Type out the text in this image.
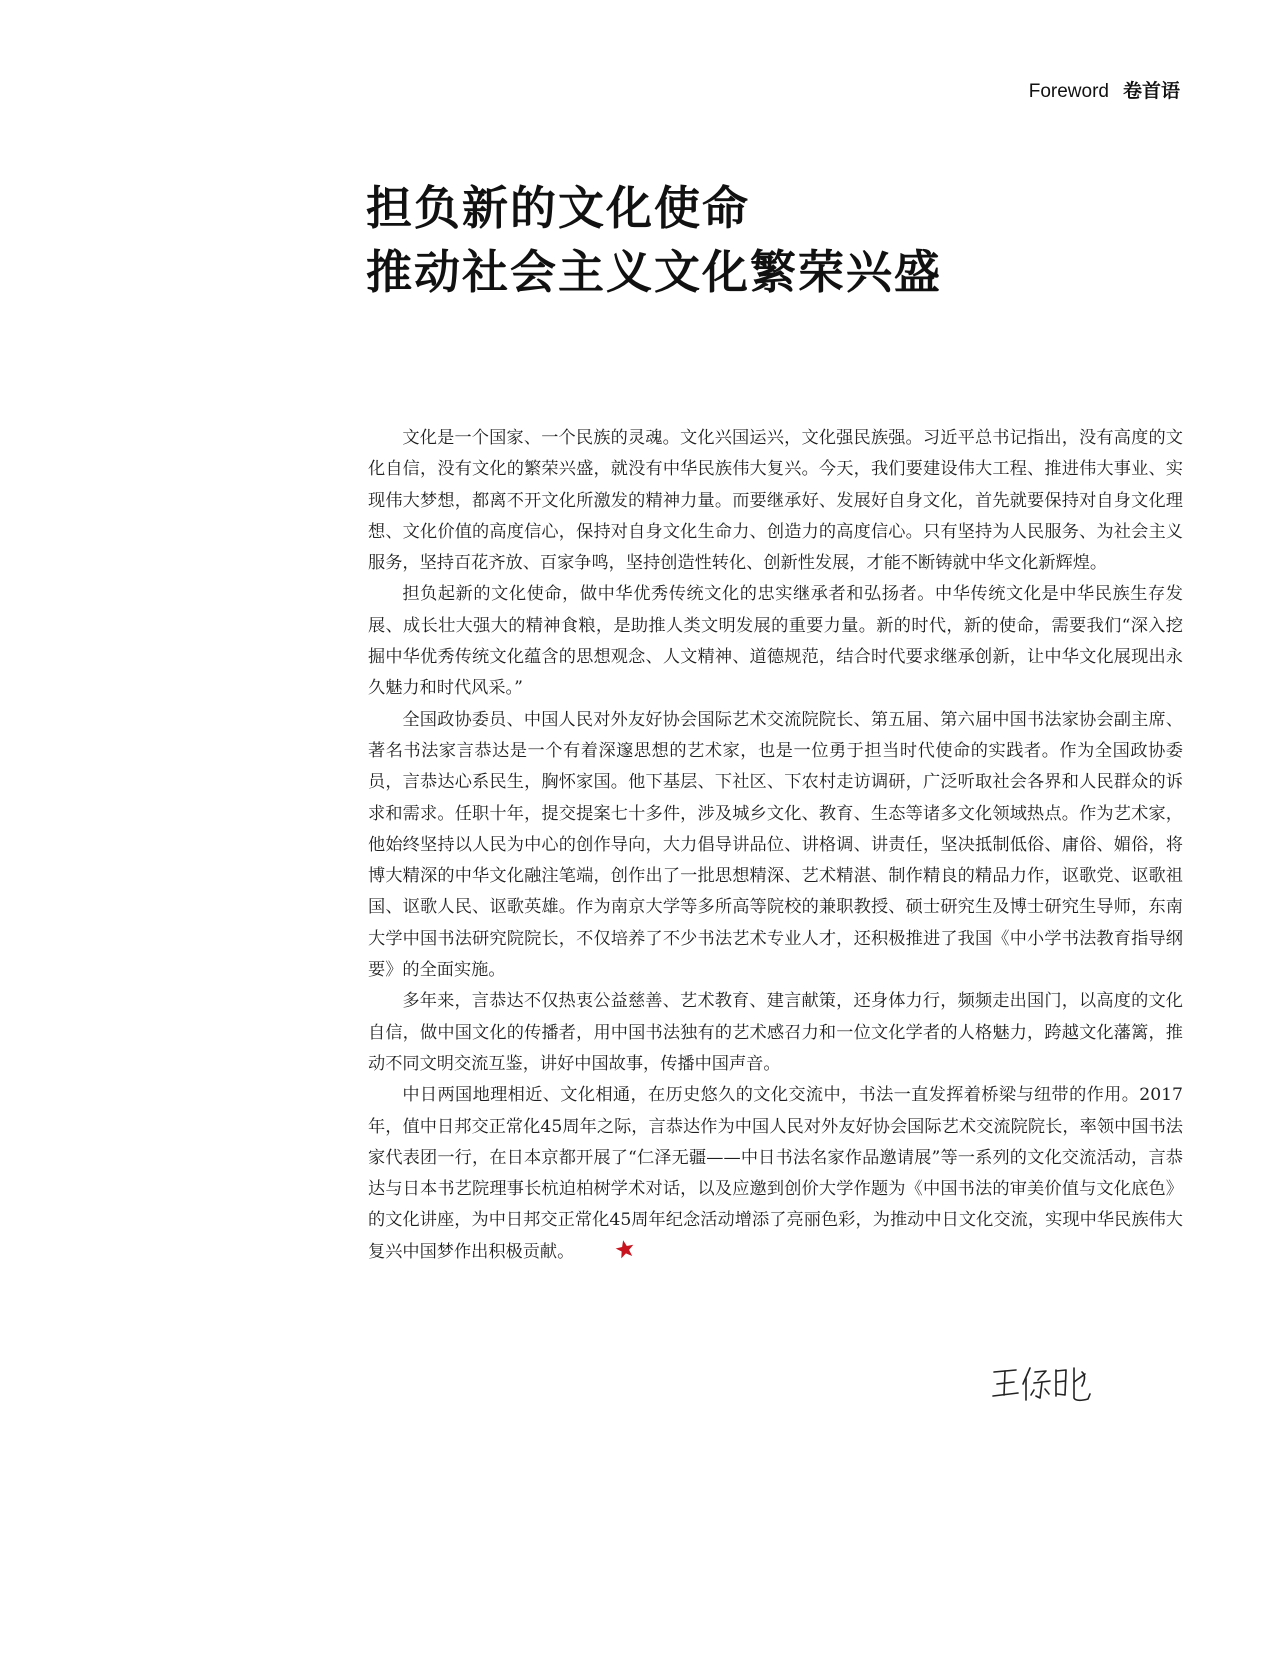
Foreword 卷首语
担负新的文化使命
推动社会主义文化繁荣兴盛

文化是一个国家、一个民族的灵魂。文化兴国运兴，文化强民族强。习近平总书记指出，没有高度的文化自信，没有文化的繁荣兴盛，就没有中华民族伟大复兴。今天，我们要建设伟大工程、推进伟大事业、实现伟大梦想，都离不开文化所激发的精神力量。而要继承好、发展好自身文化，首先就要保持对自身文化理想、文化价值的高度信心，保持对自身文化生命力、创造力的高度信心。只有坚持为人民服务、为社会主义服务，坚持百花齐放、百家争鸣，坚持创造性转化、创新性发展，才能不断铸就中华文化新辉煌。

担负起新的文化使命，做中华优秀传统文化的忠实继承者和弘扬者。中华传统文化是中华民族生存发展、成长壮大强大的精神食粮，是助推人类文明发展的重要力量。新的时代，新的使命，需要我们“深入挖掘中华优秀传统文化蕴含的思想观念、人文精神、道德规范，结合时代要求继承创新，让中华文化展现出永久魅力和时代风采。”

全国政协委员、中国人民对外友好协会国际艺术交流院院长、第五届、第六届中国书法家协会副主席、著名书法家言恭达是一个有着深邃思想的艺术家，也是一位勇于担当时代使命的实践者。作为全国政协委员，言恭达心系民生，胸怀家国。他下基层、下社区、下农村走访调研，广泛听取社会各界和人民群众的诉求和需求。任职十年，提交提案七十多件，涉及城乡文化、教育、生态等诸多文化领域热点。作为艺术家，他始终坚持以人民为中心的创作导向，大力倡导讲品位、讲格调、讲责任，坚决抵制低俗、庸俗、媚俗，将博大精深的中华文化融注笔端，创作出了一批思想精深、艺术精湛、制作精良的精品力作，讴歌党、讴歌祖国、讴歌人民、讴歌英雄。作为南京大学等多所高等院校的兼职教授、硕士研究生及博士研究生导师，东南大学中国书法研究院院长，不仅培养了不少书法艺术专业人才，还积极推进了我国《中小学书法教育指导纲要》的全面实施。

多年来，言恭达不仅热衷公益慈善、艺术教育、建言献策，还身体力行，频频走出国门，以高度的文化自信，做中国文化的传播者，用中国书法独有的艺术感召力和一位文化学者的人格魅力，跨越文化藩篱，推动不同文明交流互鉴，讲好中国故事，传播中国声音。

中日两国地理相近、文化相通，在历史悠久的文化交流中，书法一直发挥着桥梁与纽带的作用。2017年，值中日邦交正常化45周年之际，言恭达作为中国人民对外友好协会国际艺术交流院院长，率领中国书法家代表团一行，在日本京都开展了“仁泽无疆——中日书法名家作品邀请展”等一系列的文化交流活动，言恭达与日本书艺院理事长杭迫柏树学术对话，以及应邀到创价大学作题为《中国书法的审美价值与文化底色》的文化讲座，为中日邦交正常化45周年纪念活动增添了亮丽色彩，为推动中日文化交流，实现中华民族伟大复兴中国梦作出积极贡献。
